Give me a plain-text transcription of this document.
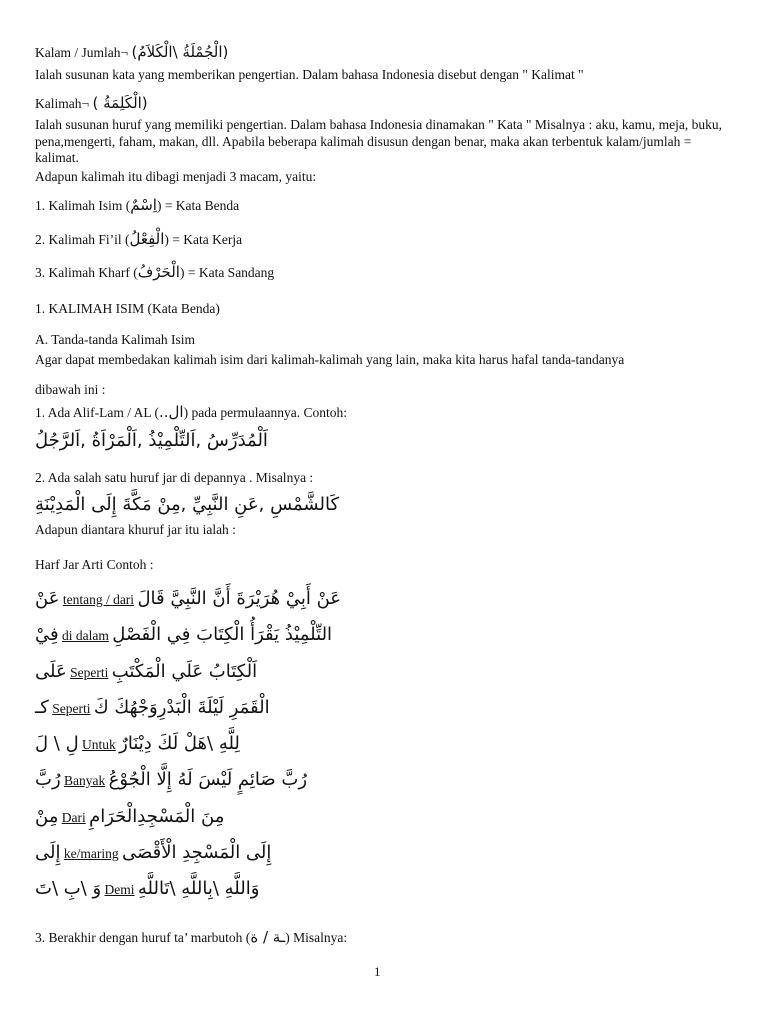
Kalam / Jumlah¬ (الْجُمْلَةُ \الْكَلاَمُ)

Ialah susunan kata yang memberikan pengertian. Dalam bahasa Indonesia disebut dengan " Kalimat "

Kalimah¬ (الْكَلِمَةُ )

Ialah susunan huruf yang memiliki pengertian. Dalam bahasa Indonesia dinamakan " Kata " Misalnya : aku, kamu, meja, buku, pena,mengerti, faham, makan, dll. Apabila beberapa kalimah disusun dengan benar, maka akan terbentuk kalam/jumlah = kalimat.

Adapun kalimah itu dibagi menjadi 3 macam, yaitu:

1. Kalimah Isim (اِسْمٌ) = Kata Benda

2. Kalimah Fi’il (الْفِعْلُ) = Kata Kerja

3. Kalimah Kharf (الْحَرْفُ) = Kata Sandang

1. KALIMAH ISIM (Kata Benda)

A. Tanda-tanda Kalimah Isim

Agar dapat membedakan kalimah isim dari kalimah-kalimah yang lain, maka kita harus hafal tanda-tandanya

dibawah ini :

1. Ada Alif-Lam / AL (ال..) pada permulaannya. Contoh:

اَلْمُدَرِّسُ ,اَلتِّلْمِيْذُ ,اَلْمَرْاَةُ ,اَلرَّجُلُ

2. Ada salah satu huruf jar di depannya . Misalnya :

كَالشَّمْسِ ,عَنِ النَّبِيِّ ,مِنْ مَكَّةَ إِلَى الْمَدِيْنَةِ

Adapun diantara khuruf jar itu ialah :

Harf Jar Arti Contoh :

عَنْ tentang / dari عَنْ أَبِيْ هُرَيْرَةَ أَنَّ النَّبِيَّ قَالَ
فِيْ di dalam التِّلْمِيْذُ يَقْرَأُ الْكِتَابَ فِي الْفَصْلِ
عَلَى Seperti اَلْكِتَابُ عَلَي الْمَكْتَبِ
كـ Seperti الْقَمَرِ لَيْلَةَ الْبَدْرِوَجْهُكَ كَ
لِ \ لَ Untuk لِلَّهِ \هَلْ لَكَ دِيْنَارٌ
رُبَّ Banyak رُبَّ صَائِمٍ لَيْسَ لَهُ إِلَّا الْجُوْعُ
مِنْ Dari مِنَ الْمَسْجِدِالْحَرَامِ
إِلَى ke/maring إِلَى الْمَسْجِدِ الْأَقْصَى
وَ \بِ \تَ Demi وَاللَّهِ \بِاللَّهِ \تَاللَّهِ

3. Berakhir dengan huruf ta’ marbutoh (ـة / ة) Misalnya:

1
